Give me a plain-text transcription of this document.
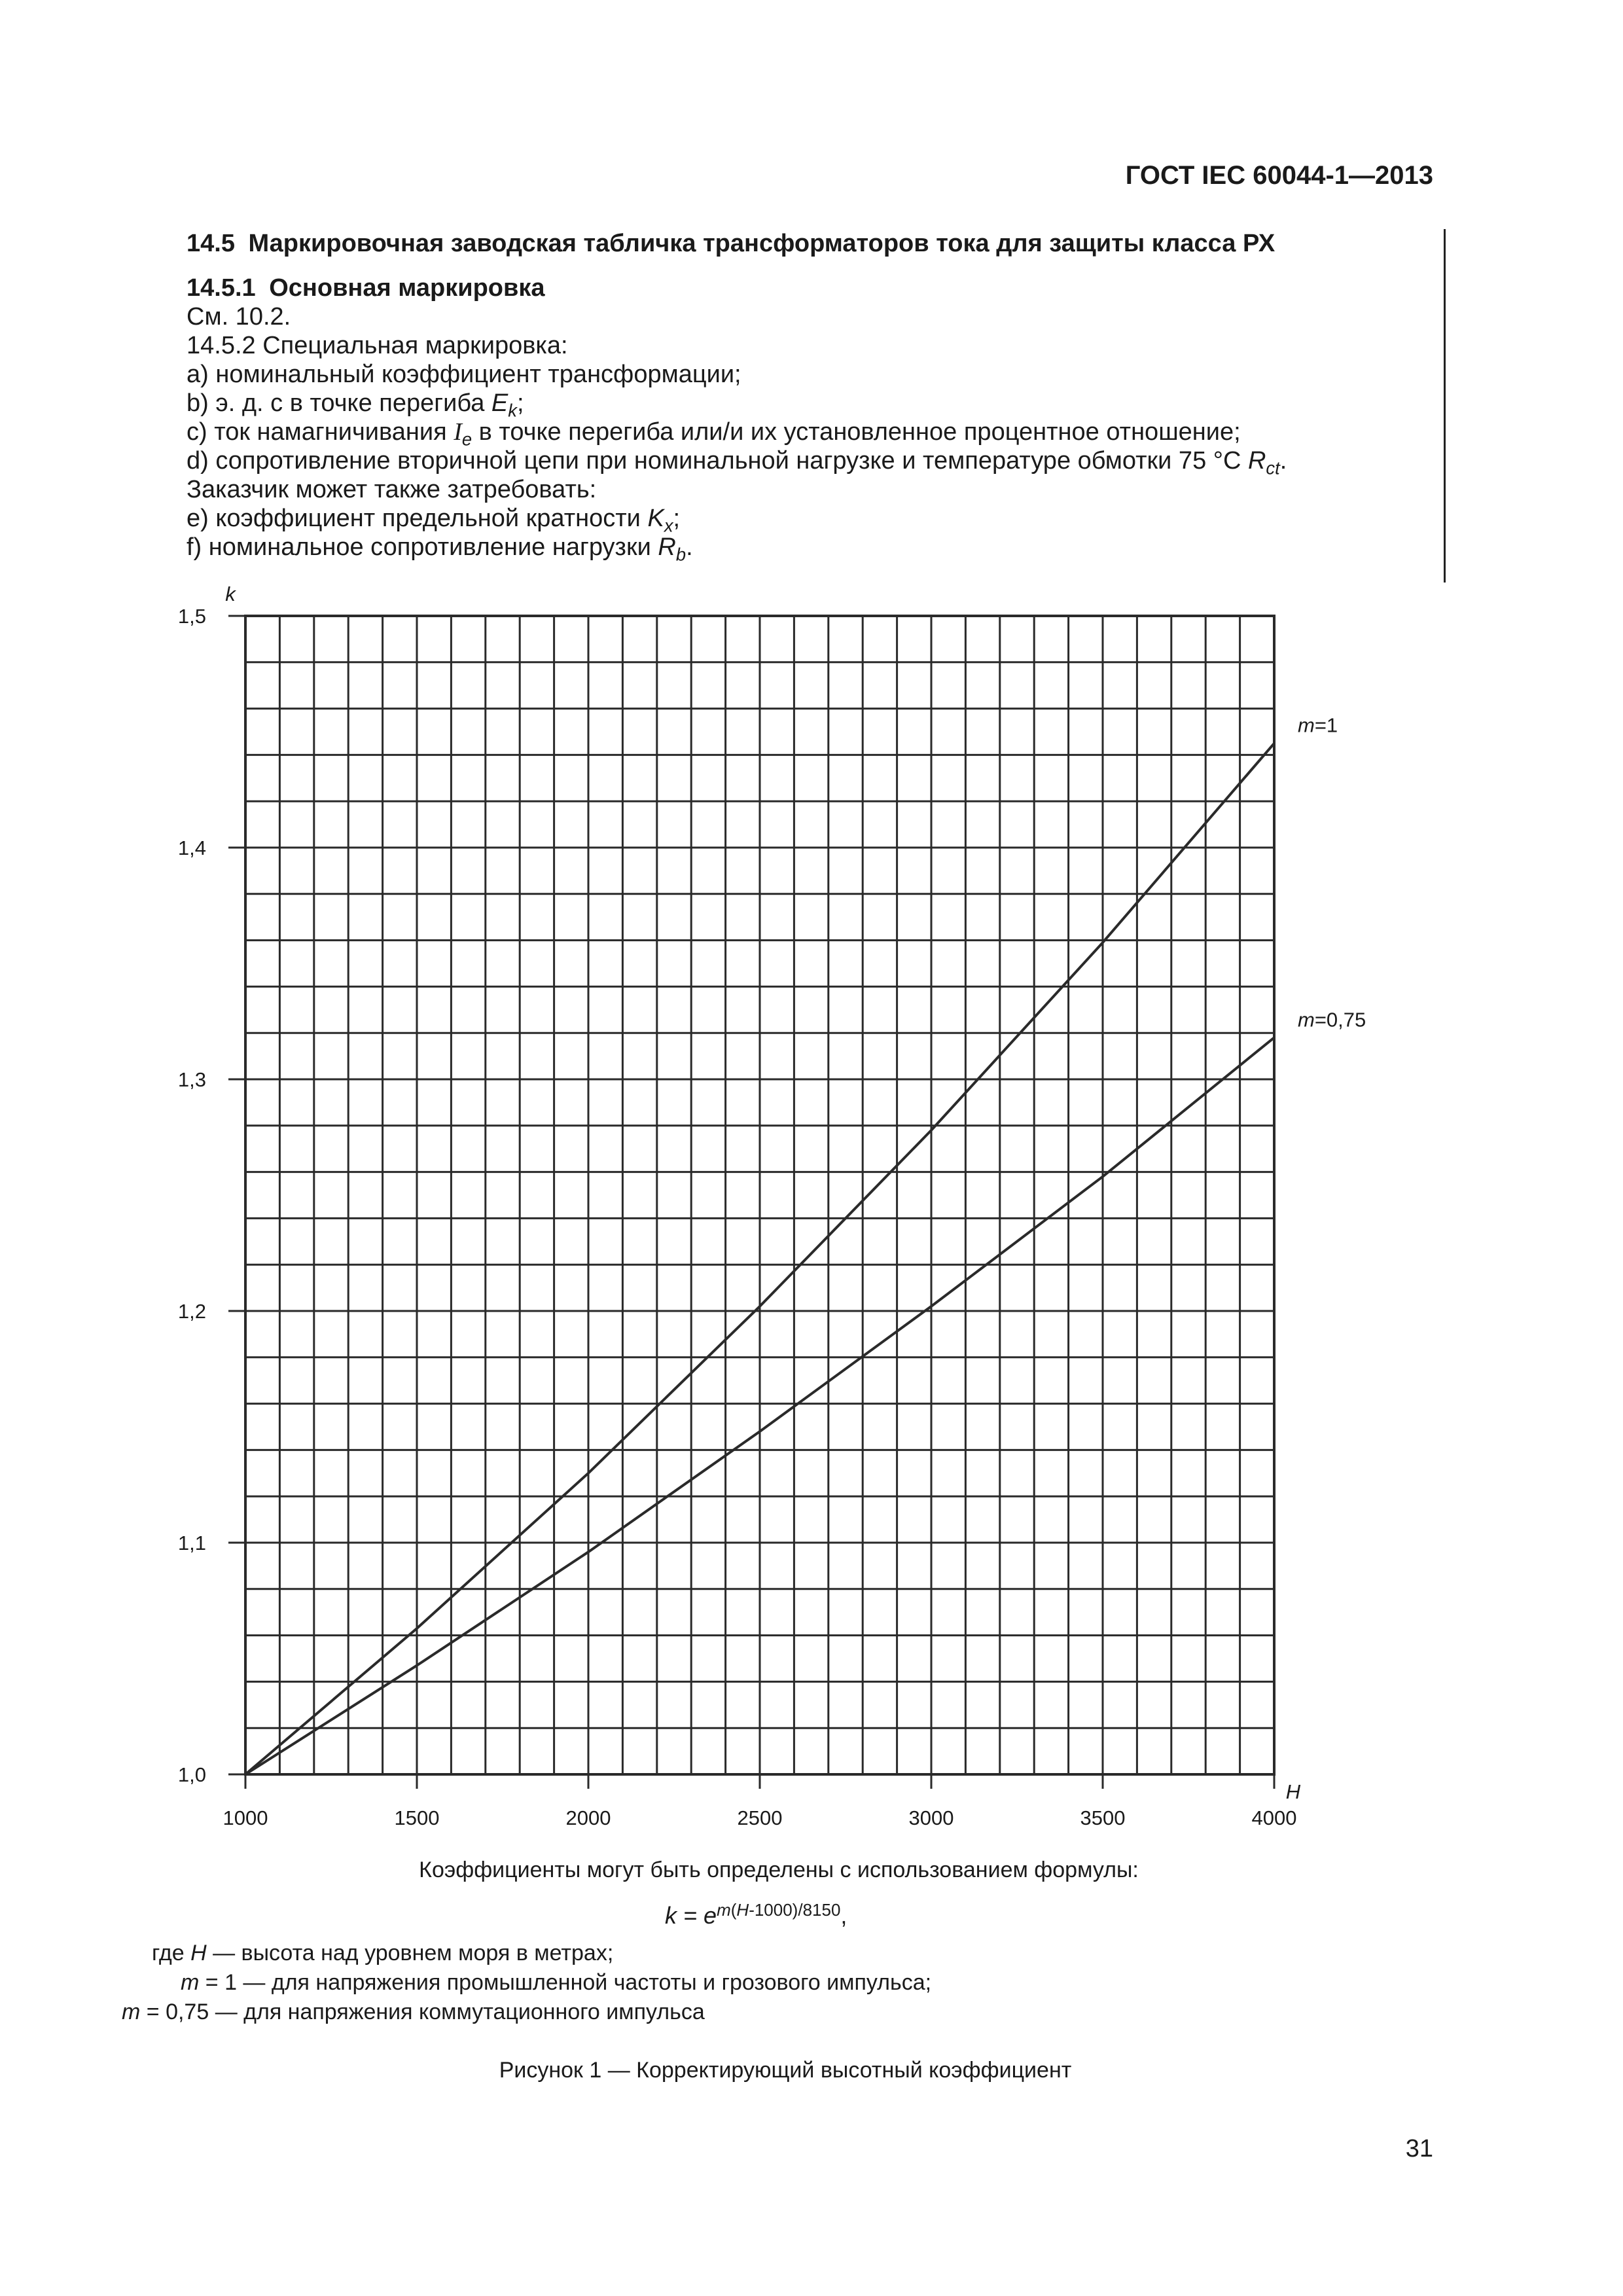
ГОСТ IEC 60044-1—2013
14.5 Маркировочная заводская табличка трансформаторов тока для защиты класса РХ
14.5.1 Основная маркировка
См. 10.2.
14.5.2 Специальная маркировка:
a) номинальный коэффициент трансформации;
b) э. д. с в точке перегиба $E_k$;
c) ток намагничивания $I_e$ в точке перегиба или/и их установленное процентное отношение;
d) сопротивление вторичной цепи при номинальной нагрузке и температуре обмотки 75 °С $R_{ct}$.
Заказчик может также затребовать:
e) коэффициент предельной кратности $K_x$;
f) номинальное сопротивление нагрузки $R_b$.
1,0
1,1
1,2
1,3
1,4
1,5
1000	1500	2000	2500	3000	3500	4000
k
H
m=1
m=0,75
Коэффициенты могут быть определены с использованием формулы:
$k = e^{m(H-1000)/8150}$,
где H — высота над уровнем моря в метрах;
m = 1 — для напряжения промышленной частоты и грозового импульса;
m = 0,75 — для напряжения коммутационного импульса
Рисунок 1 — Корректирующий высотный коэффициент
31
